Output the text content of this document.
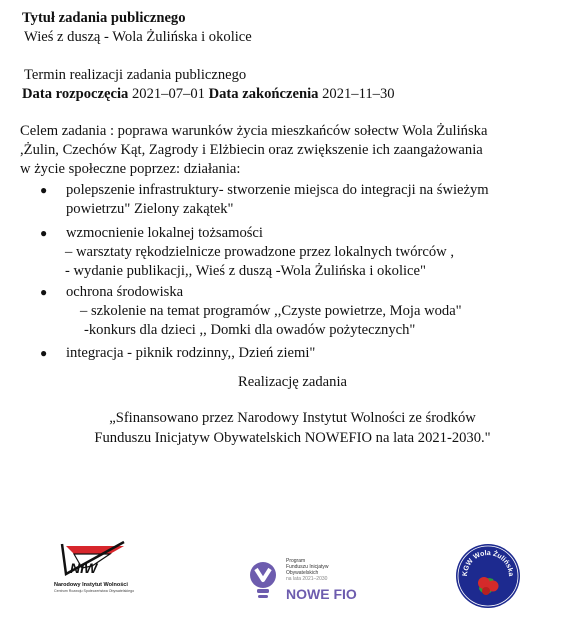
Tytuł zadania publicznego
Wieś z duszą - Wola Żulińska i okolice
Termin realizacji zadania publicznego
Data rozpoczęcia 2021–07–01 Data zakończenia 2021–11–30
Celem zadania : poprawa warunków życia mieszkańców sołectw Wola Żulińska
,Żulin, Czechów Kąt, Zagrody i Elżbiecin oraz zwiększenie ich zaangażowania
w życie społeczne poprzez: działania:
● polepszenie infrastruktury- stworzenie miejsca do integracji na świeżym
powietrzu" Zielony zakątek"
● wzmocnienie lokalnej tożsamości
– warsztaty rękodzielnicze prowadzone przez lokalnych twórców ,
- wydanie publikacji,, Wieś z duszą -Wola Żulińska i okolice"
● ochrona środowiska
– szkolenie na temat programów ,,Czyste powietrze, Moja woda"
-konkurs dla dzieci ,, Domki dla owadów pożytecznych"
● integracja - piknik rodzinny,, Dzień ziemi"
Realizację zadania
„Sfinansowano przez Narodowy Instytut Wolności ze środków
Funduszu Inicjatyw Obywatelskich NOWEFIO na lata 2021-2030."
NIW
Narodowy Instytut Wolności
Centrum Rozwoju Społeczeństwa Obywatelskiego
Program
Funduszu Inicjatyw
Obywatelskich
na lata 2021–2030
NOWE FIO
KGW Wola Żulińska
